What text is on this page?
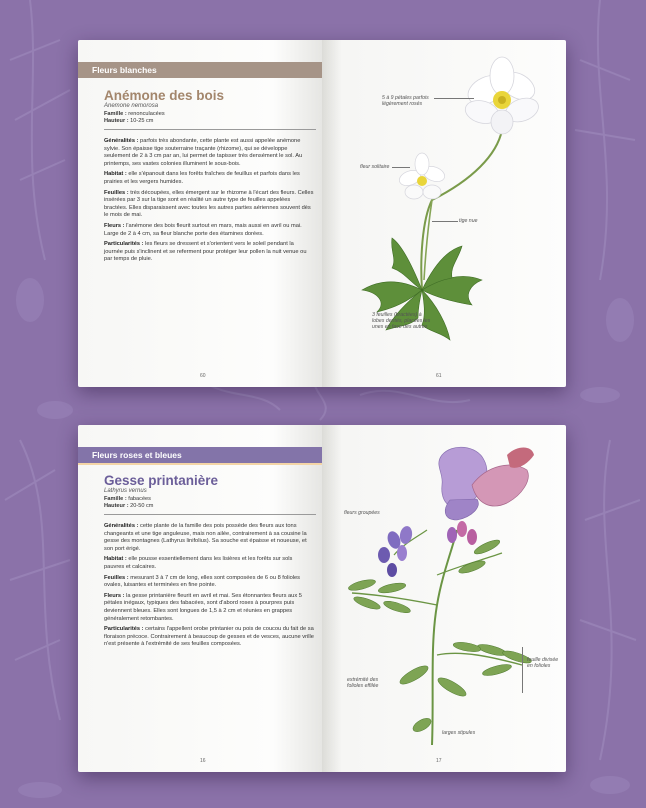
Fleurs blanches
Anémone des bois
Anemone nemorosa
Famille : renonculacées
Hauteur : 10-25 cm

Généralités : parfois très abondante, cette plante est aussi appelée anémone sylvie. Son épaisse tige souterraine traçante (rhizome), qui se développe seulement de 2 à 3 cm par an, lui permet de tapisser très densément le sol. Au printemps, ses vastes colonies illuminent le sous-bois.

Habitat : elle s'épanouit dans les forêts fraîches de feuillus et parfois dans les prairies et les vergers humides.

Feuilles : très découpées, elles émergent sur le rhizome à l'écart des fleurs. Celles insérées par 3 sur la tige sont en réalité un autre type de feuilles appelées bractées. Elles disparaissent avec toutes les autres parties aériennes souvent dès le mois de mai.

Fleurs : l'anémone des bois fleurit surtout en mars, mais aussi en avril ou mai. Large de 2 à 4 cm, sa fleur blanche porte des étamines dorées.

Particularités : les fleurs se dressent et s'orientent vers le soleil pendant la journée puis s'inclinent et se referment pour protéger leur pollen la nuit venue ou par temps de pluie.

60
5 à 9 pétales parfois légèrement rosés
fleur solitaire
tige nue
3 feuilles (bractées) à lobes dentés, placées les unes en face des autres
61
Fleurs roses et bleues
Gesse printanière
Lathyrus vernus
Famille : fabacées
Hauteur : 20-50 cm

Généralités : cette plante de la famille des pois possède des fleurs aux tons changeants et une tige anguleuse, mais non ailée, contrairement à sa cousine la gesse des montagnes (Lathyrus linifolius). Sa souche est épaisse et noueuse, et son port érigé.

Habitat : elle pousse essentiellement dans les lisières et les forêts sur sols pauvres et calcaires.

Feuilles : mesurant 3 à 7 cm de long, elles sont composées de 6 ou 8 folioles ovales, luisantes et terminées en fine pointe.

Fleurs : la gesse printanière fleurit en avril et mai. Ses étonnantes fleurs aux 5 pétales inégaux, typiques des fabacées, sont d'abord roses à pourpres puis deviennent bleues. Elles sont longues de 1,5 à 2 cm et réunies en grappes généralement retombantes.

Particularités : certains l'appellent orobe printanier ou pois de coucou du fait de sa floraison précoce. Contrairement à beaucoup de gesses et de vesces, aucune vrille n'est présente à l'extrémité de ses feuilles composées.

16
fleurs groupées
feuille divisée en folioles
extrémité des folioles effilée
larges stipules
17
